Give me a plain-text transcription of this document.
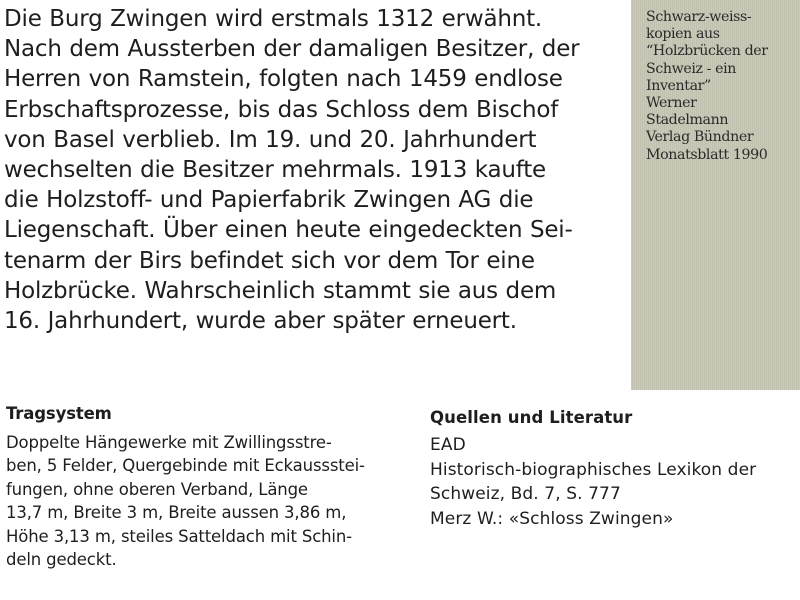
Die Burg Zwingen wird erstmals 1312 erwähnt.
Nach dem Aussterben der damaligen Besitzer, der
Herren von Ramstein, folgten nach 1459 endlose
Erbschaftsprozesse, bis das Schloss dem Bischof
von Basel verblieb. Im 19. und 20. Jahrhundert
wechselten die Besitzer mehrmals. 1913 kaufte
die Holzstoff- und Papierfabrik Zwingen AG die
Liegenschaft. Über einen heute eingedeckten Sei-
tenarm der Birs befindet sich vor dem Tor eine
Holzbrücke. Wahrscheinlich stammt sie aus dem
16. Jahrhundert, wurde aber später erneuert.
Schwarz-weiss-
kopien aus
“Holzbrücken der
Schweiz - ein
Inventar”
Werner
Stadelmann
Verlag Bündner
Monatsblatt 1990
Tragsystem
Doppelte Hängewerke mit Zwillingsstre-
ben, 5 Felder, Quergebinde mit Eckaussstei-
fungen, ohne oberen Verband, Länge
13,7 m, Breite 3 m, Breite aussen 3,86 m,
Höhe 3,13 m, steiles Satteldach mit Schin-
deln gedeckt.
Quellen und Literatur
EAD
Historisch-biographisches Lexikon der
Schweiz, Bd. 7, S. 777
Merz W.: «Schloss Zwingen»
